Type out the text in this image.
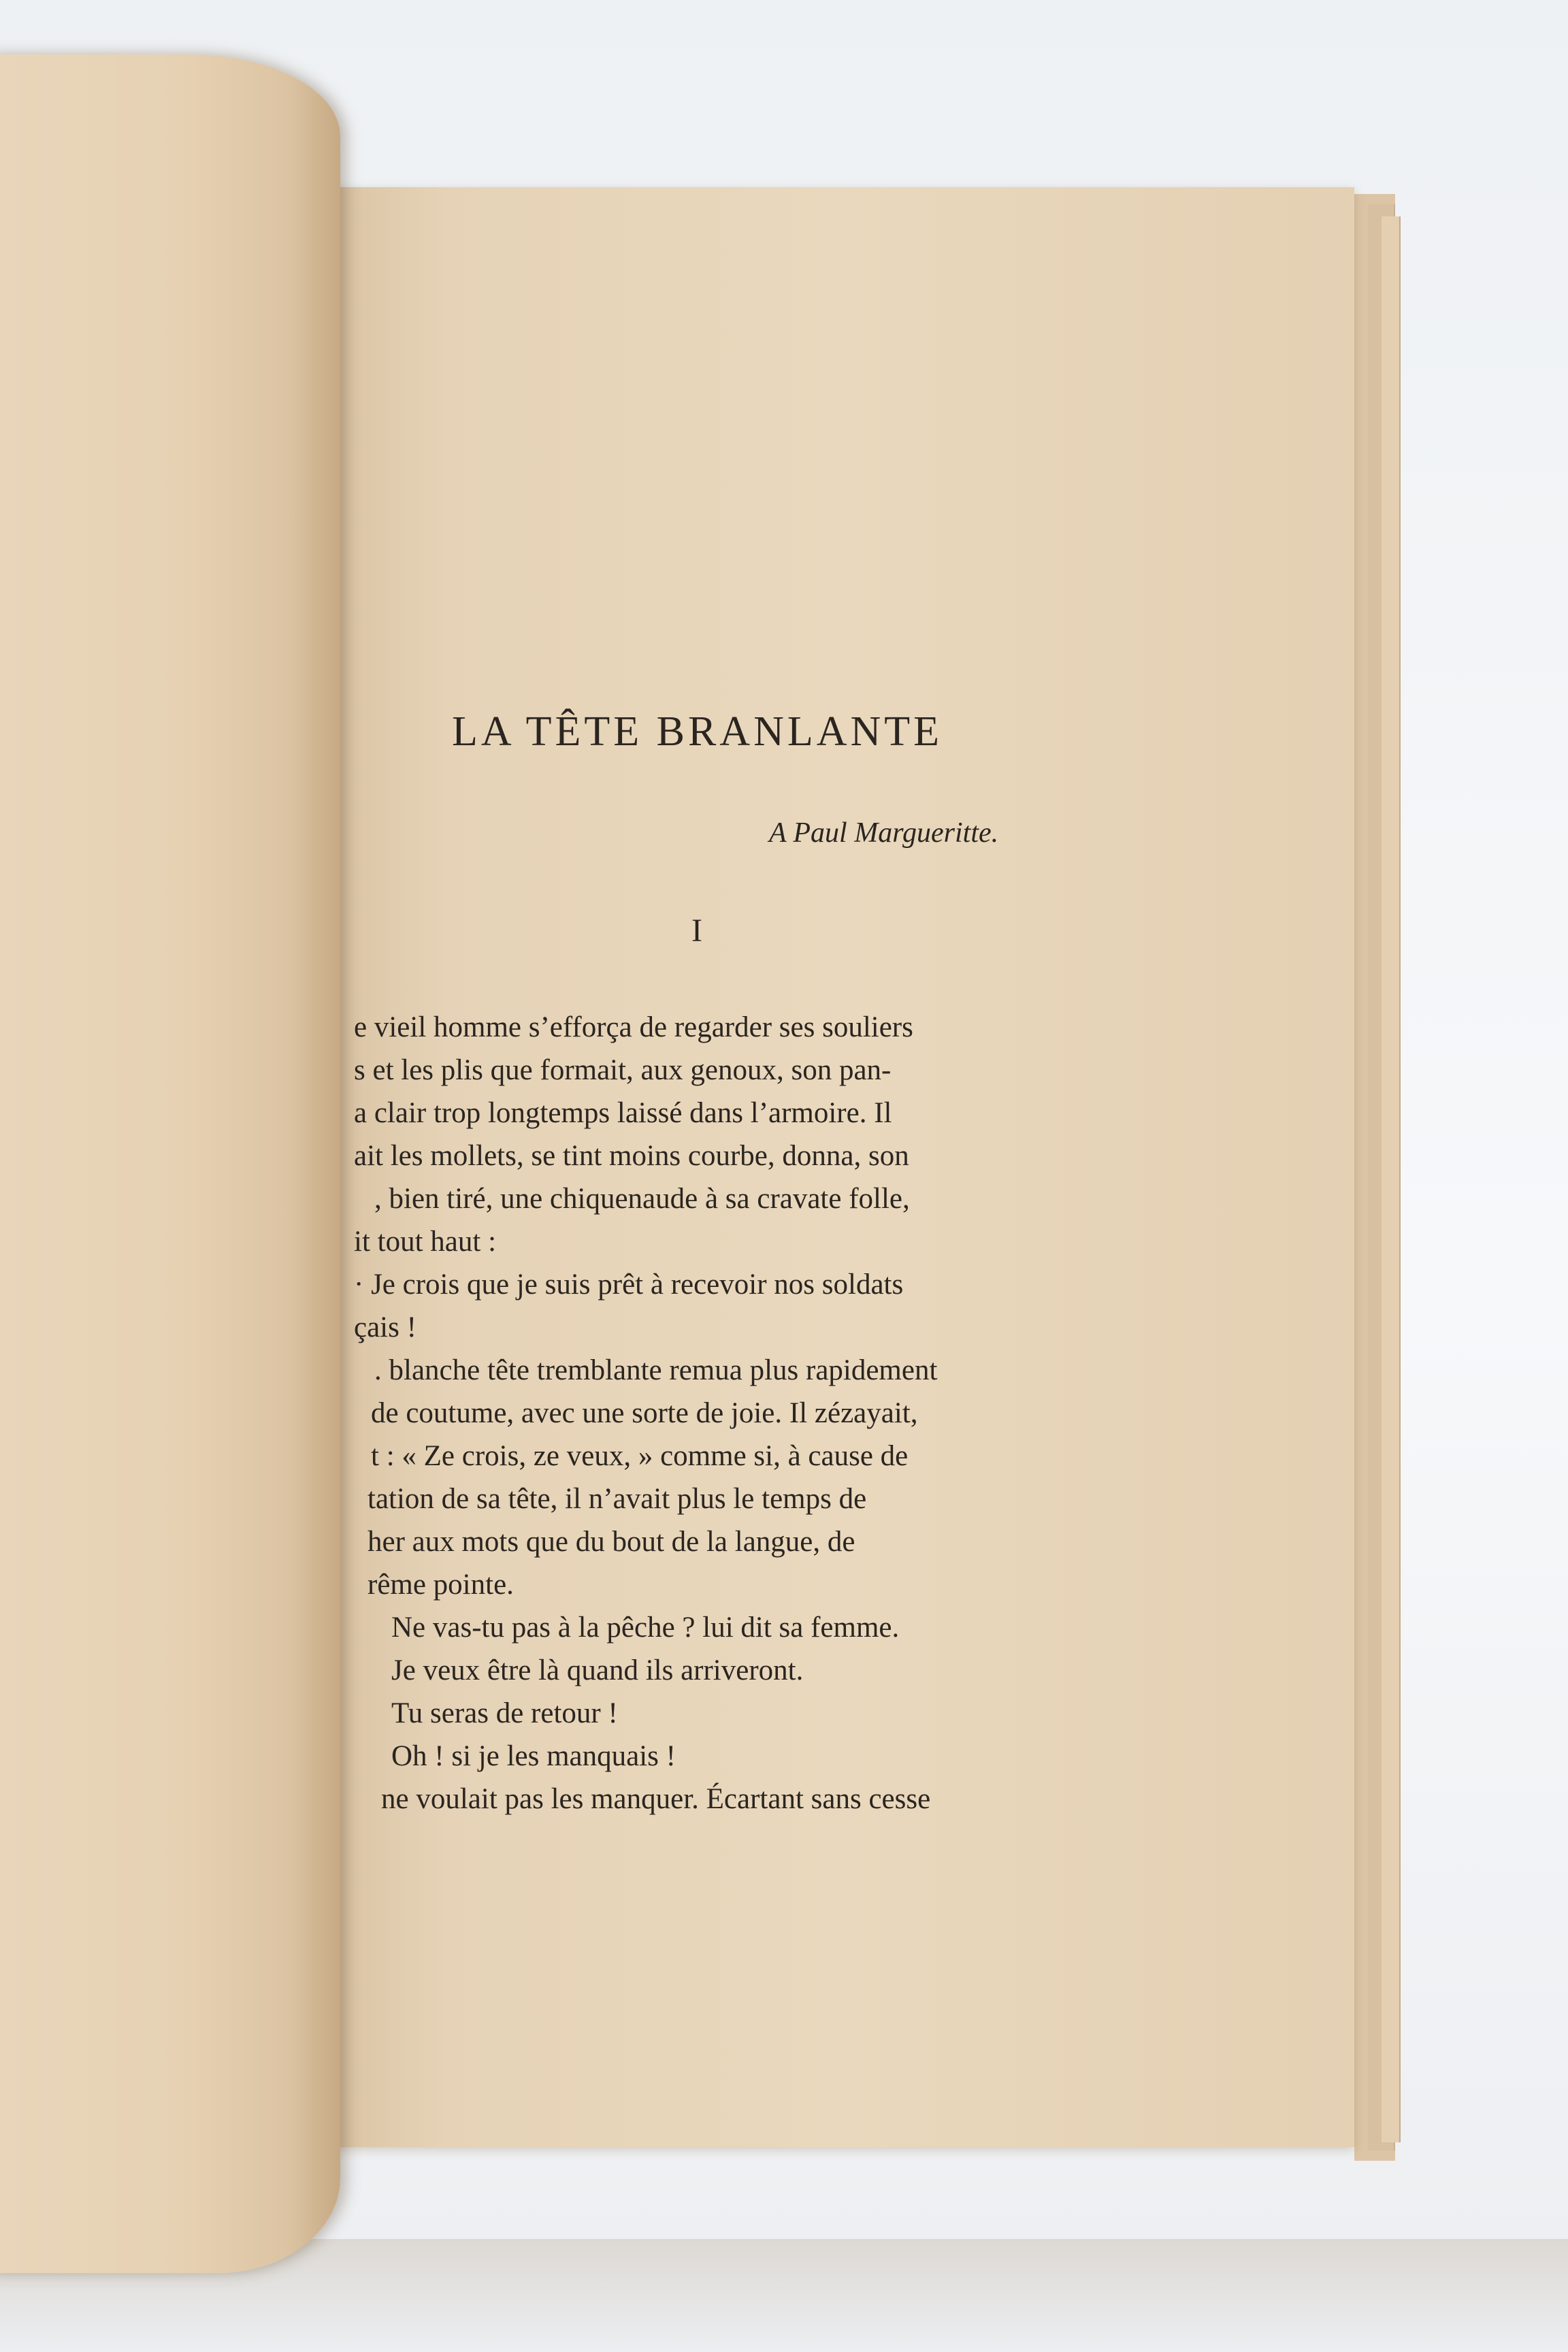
LA TÊTE BRANLANTE
A Paul Margueritte.
I
e vieil homme s’efforça de regarder ses souliers
s et les plis que formait, aux genoux, son pan-
a clair trop longtemps laissé dans l’armoire. Il
ait les mollets, se tint moins courbe, donna, son
, bien tiré, une chiquenaude à sa cravate folle,
it tout haut :
· Je crois que je suis prêt à recevoir nos soldats
çais !
. blanche tête tremblante remua plus rapidement
de coutume, avec une sorte de joie. Il zézayait,
t : « Ze crois, ze veux, » comme si, à cause de
tation de sa tête, il n’avait plus le temps de
her aux mots que du bout de la langue, de
rême pointe.
Ne vas-tu pas à la pêche ? lui dit sa femme.
Je veux être là quand ils arriveront.
Tu seras de retour !
Oh ! si je les manquais !
ne voulait pas les manquer. Écartant sans cesse
